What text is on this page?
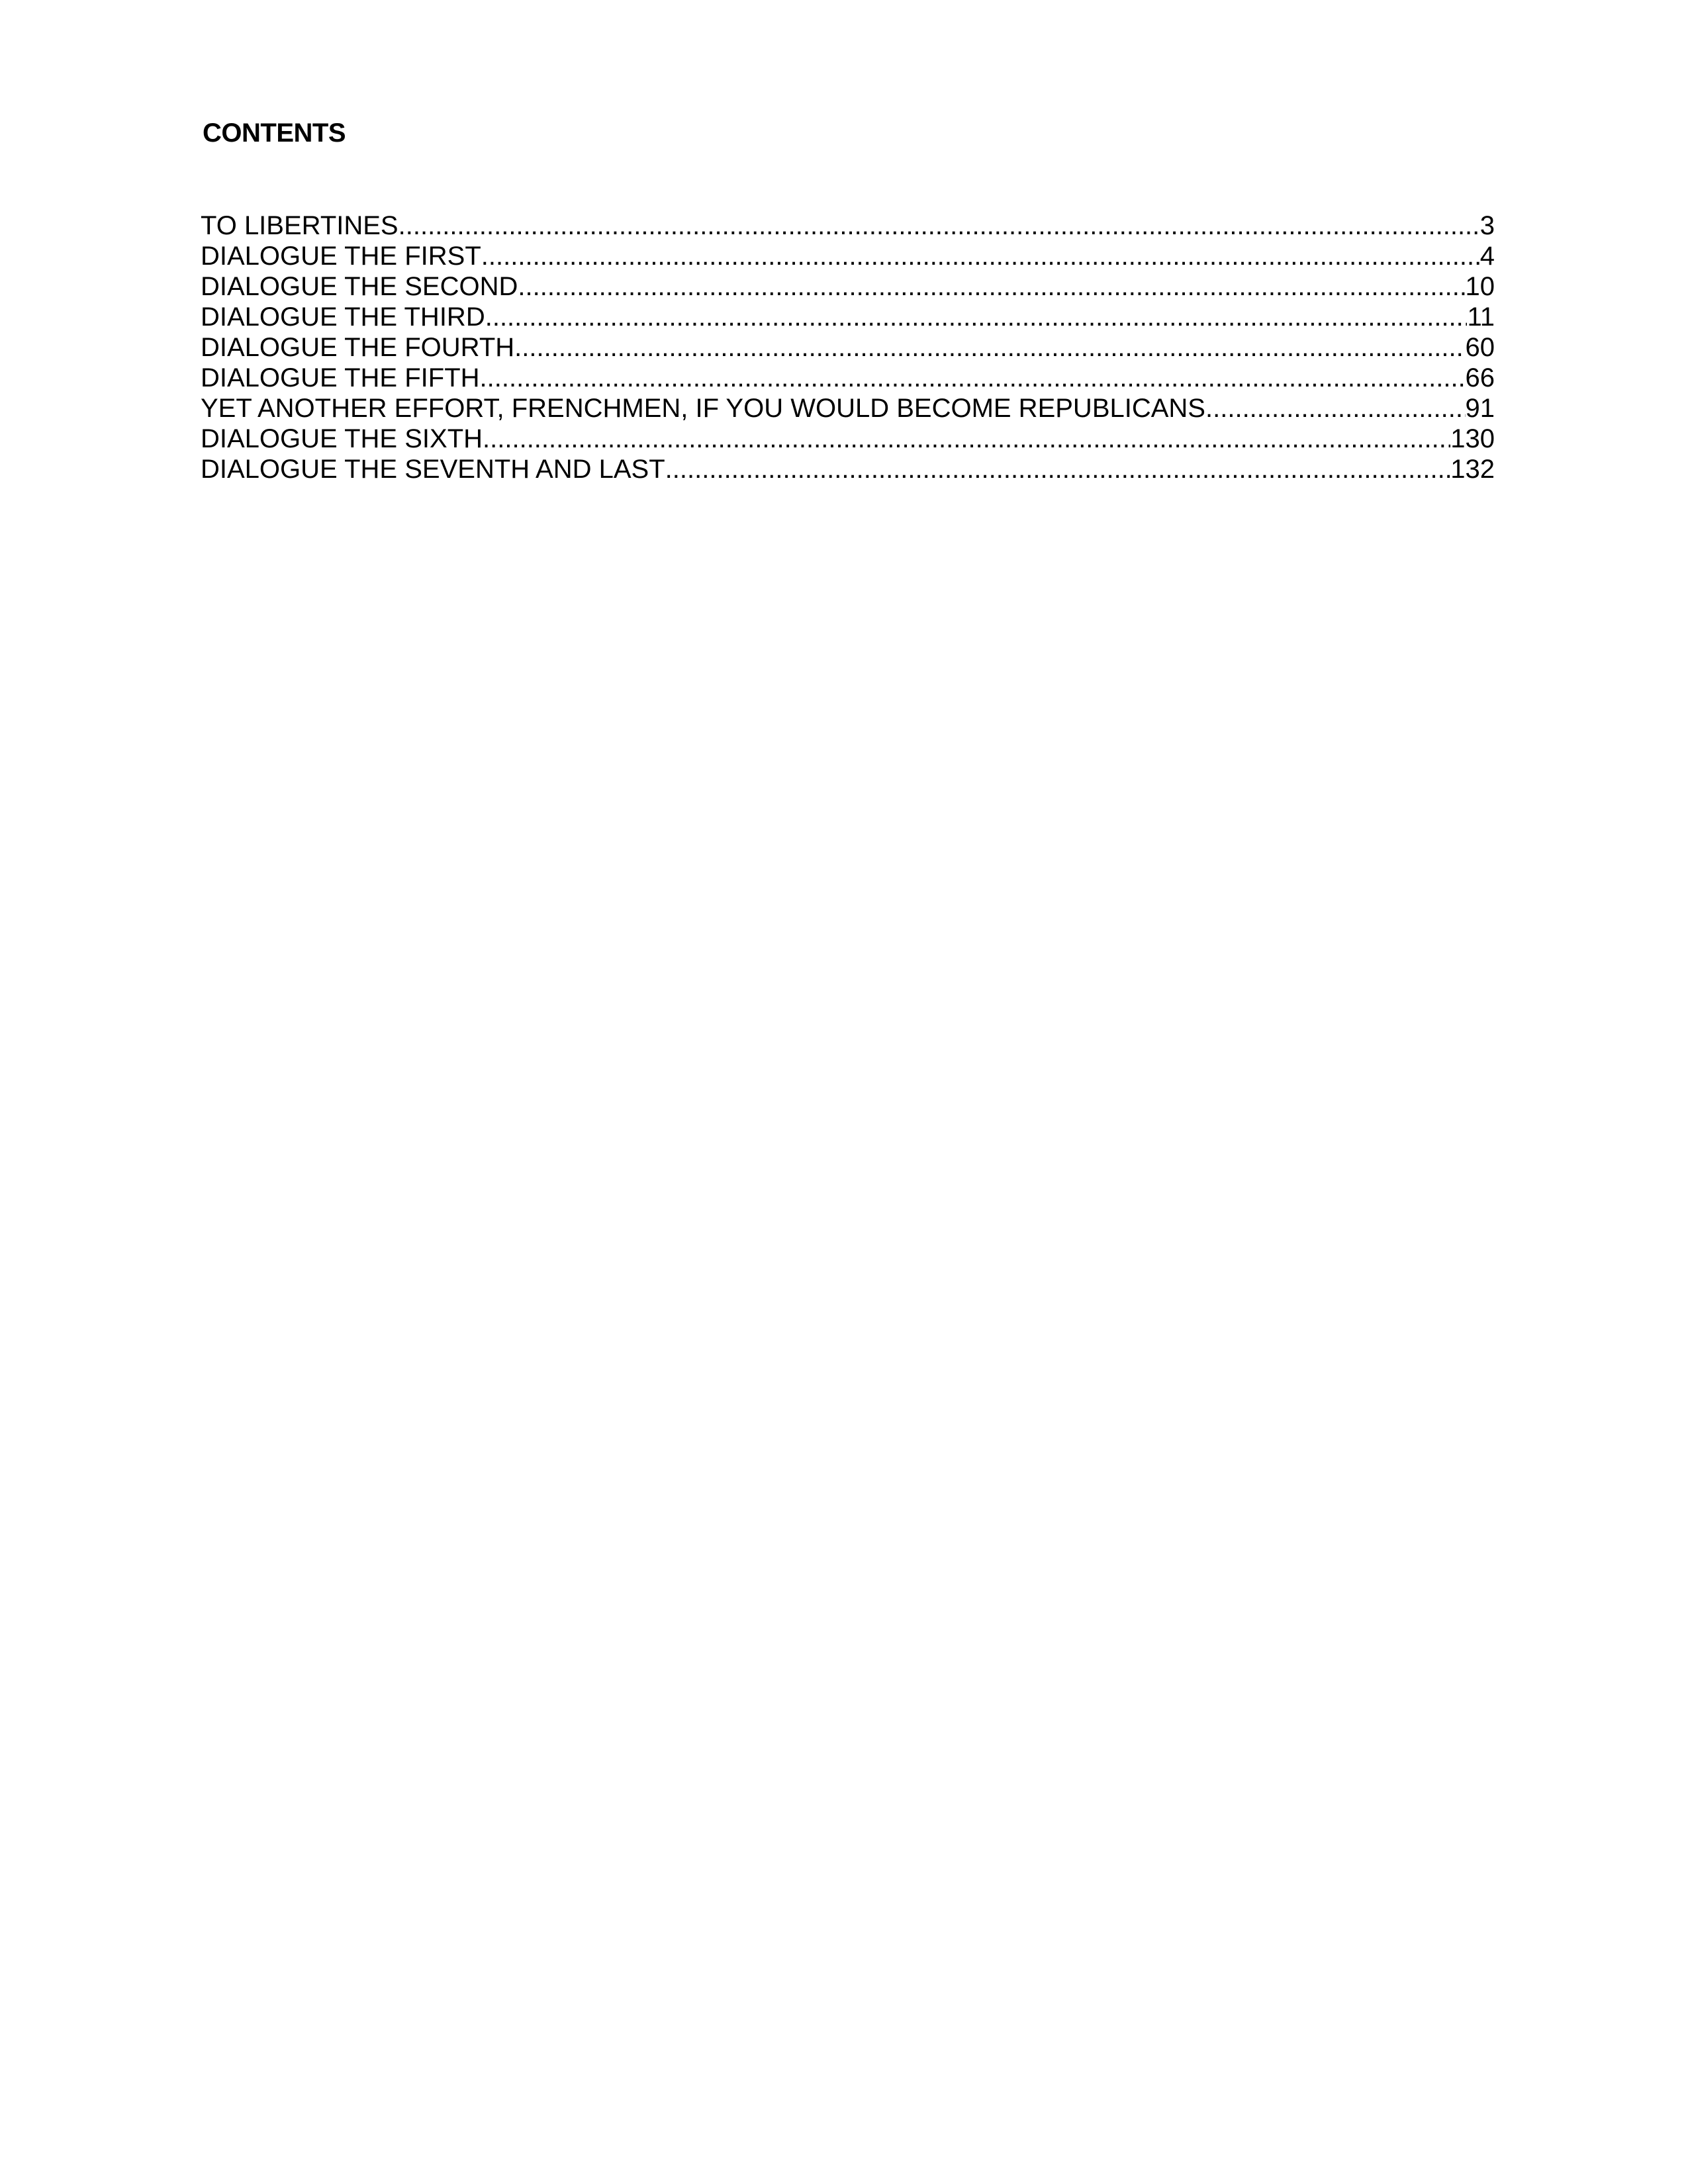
CONTENTS
TO LIBERTINES .....	3
DIALOGUE THE FIRST .....	4
DIALOGUE THE SECOND .....	10
DIALOGUE THE THIRD .....	11
DIALOGUE THE FOURTH .....	60
DIALOGUE THE FIFTH .....	66
YET ANOTHER EFFORT, FRENCHMEN, IF YOU WOULD BECOME REPUBLICANS .....	91
DIALOGUE THE SIXTH .....	130
DIALOGUE THE SEVENTH AND LAST .....	132
